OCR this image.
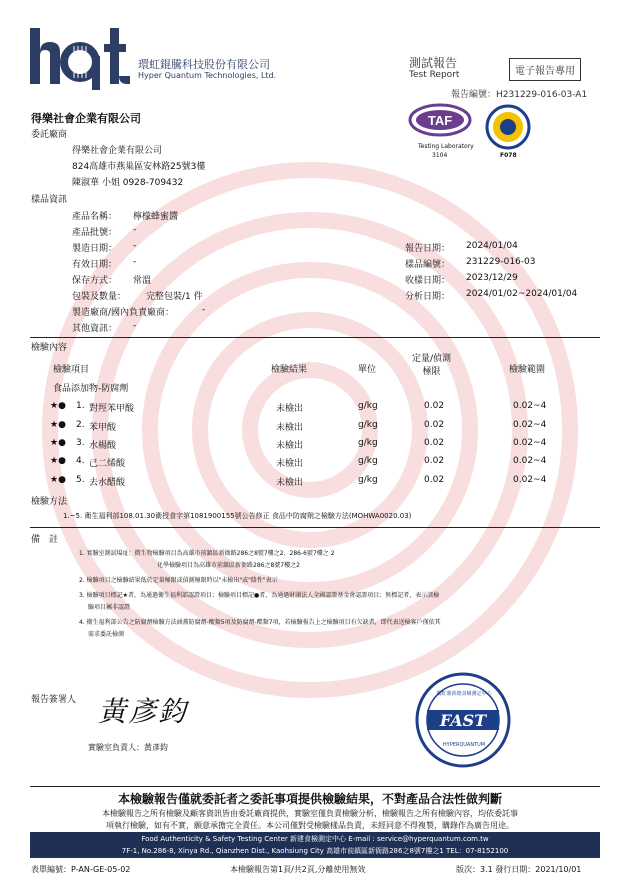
環虹錕騰科技股份有限公司
Hyper Quantum Technologies, Ltd.
測試報告
Test Report	電子報告專用
報告編號：H231229-016-03-A1
TAF
Testing Laboratory
3104	F078
得樂社會企業有限公司
委託廠商
得樂社會企業有限公司
824高雄市燕巢區安林路25號3樓
陳淑華 小姐 0928-709432
樣品資訊
產品名稱： 檸檬蜂蜜醬
產品批號： -
製造日期： -
有效日期： -
保存方式： 常溫
包裝及數量： 完整包裝/1 件
製造廠商/國內負責廠商：	-
其他資訊： -
報告日期： 2024/01/04
樣品編號： 231229-016-03
收樣日期： 2023/12/29
分析日期： 2024/01/02~2024/01/04
檢驗內容
檢驗項目	檢驗結果	單位
定量/偵測
極限	檢驗範圍
食品添加物-防腐劑
★● 1. 對羥苯甲酸	未檢出	g/kg	0.02	0.02~4
★● 2. 苯甲酸	未檢出	g/kg	0.02	0.02~4
★● 3. 水楊酸	未檢出	g/kg	0.02	0.02~4
★● 4. 己二烯酸	未檢出	g/kg	0.02	0.02~4
★● 5. 去水醋酸	未檢出	g/kg	0.02	0.02~4
檢驗方法
1.~5. 衛生福利部108.01.30衛授食字第1081900155號公告修正 食品中防腐劑之檢驗方法(MOHWA0020.03)
備　註
1. 實驗室測試場址：微生物檢驗項目為高雄市前鎮區新衙路286之8號7樓之2、286-6號7樓之 2
化學檢驗項目為高雄市前鎮區新衙路286之8號7樓之2
2. 檢驗項目之檢驗結果低於定量極限或偵測極限時以"未檢出"或"陰性"表示
3. 檢驗項目標記★者，為通過衛生福利部認證項目；檢驗項目標記●者，為通過財團法人全國認證基金會認證項目；無標記者，表示該檢
驗項目屬非認證
4. 衛生福利部公告之防腐劑檢驗方法涵蓋防腐劑-酸類5項及防腐劑-酯類7項，若檢驗報告上之檢驗項目有欠缺者，即代表送檢客戶僅依其
需求委託檢測
報告簽署人 黃彥鈞
實驗室負責人：黃彥鈞
FAST
環虹鼎新總食檢測定中心
HYPERQUANTUM
本檢驗報告僅就委託者之委託事項提供檢驗結果，不對產品合法性做判斷
本檢驗報告之所有檢驗及顧客資訊皆由委託廠商提供，實驗室僅負責檢驗分析，檢驗報告之所有檢驗內容，均依委託事
項執行檢驗，如有不實，願意承擔完全責任。本公司僅對受檢驗樣品負責，未經同意不得複製，購錄作為廣告用途。
Food Authenticity & Safety Testing Center 新建食檢測定中心 E-mail : service@hyperquantum.com.tw
7F-1, No.286-8, Xinya Rd., Qianzhen Dist., Kaohsiung City 高雄市前鎮區新衙路286之8號7樓之1 TEL：07-8152100
表單編號：P-AN-GE-05-02	本檢驗報告第1頁/共2頁,分離使用無效	版次：3.1 發行日期：2021/10/01
